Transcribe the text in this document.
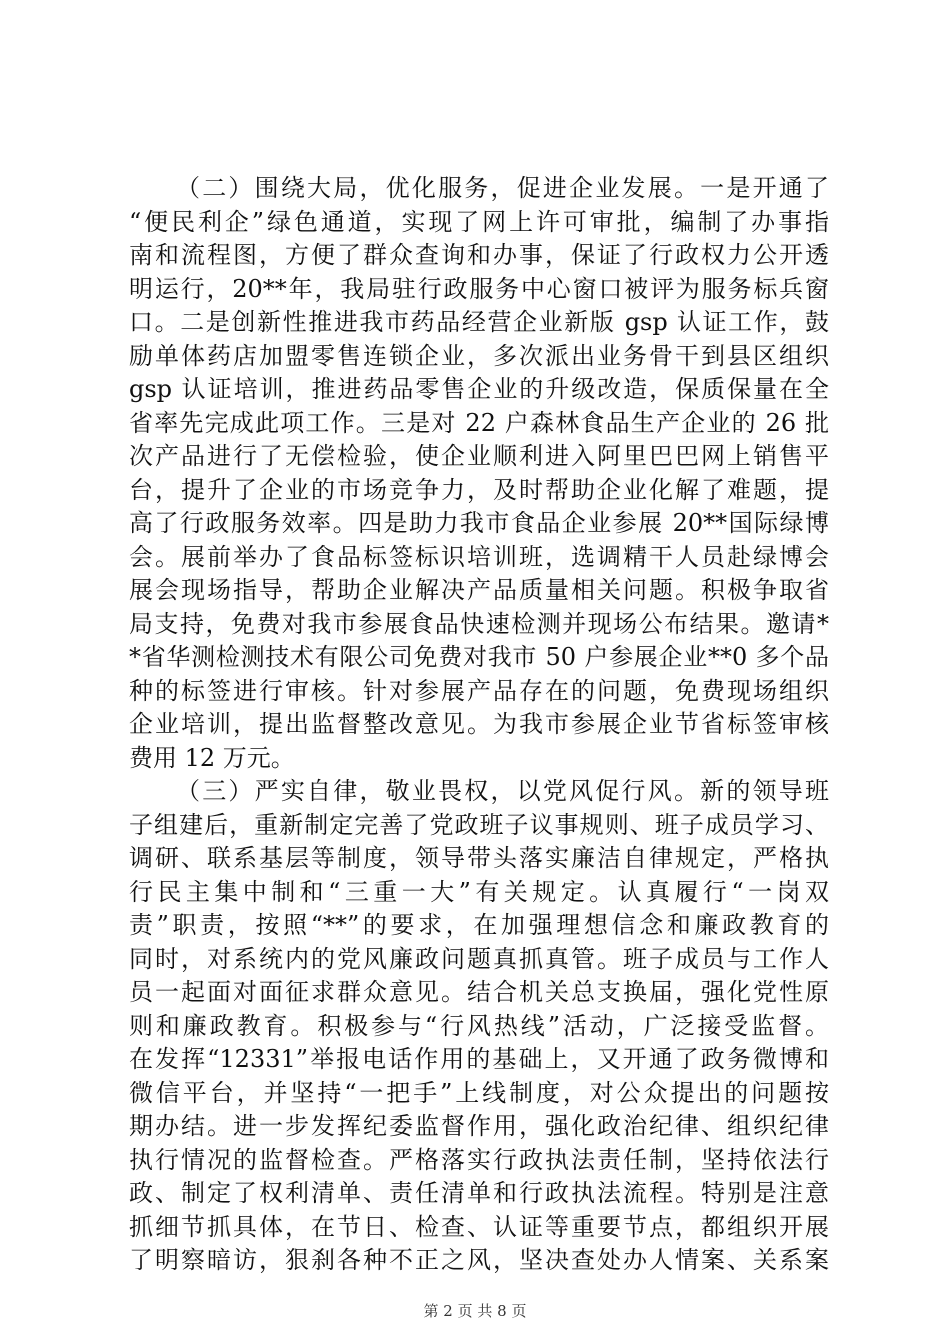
（二）围绕大局，优化服务，促进企业发展。一是开通了
“便民利企”绿色通道，实现了网上许可审批，编制了办事指
南和流程图，方便了群众查询和办事，保证了行政权力公开透
明运行，20**年，我局驻行政服务中心窗口被评为服务标兵窗
口。二是创新性推进我市药品经营企业新版 gsp 认证工作，鼓
励单体药店加盟零售连锁企业，多次派出业务骨干到县区组织
gsp 认证培训，推进药品零售企业的升级改造，保质保量在全
省率先完成此项工作。三是对 22 户森林食品生产企业的 26 批
次产品进行了无偿检验，使企业顺利进入阿里巴巴网上销售平
台，提升了企业的市场竞争力，及时帮助企业化解了难题，提
高了行政服务效率。四是助力我市食品企业参展 20**国际绿博
会。展前举办了食品标签标识培训班，选调精干人员赴绿博会
展会现场指导，帮助企业解决产品质量相关问题。积极争取省
局支持，免费对我市参展食品快速检测并现场公布结果。邀请*
*省华测检测技术有限公司免费对我市 50 户参展企业**0 多个品
种的标签进行审核。针对参展产品存在的问题，免费现场组织
企业培训，提出监督整改意见。为我市参展企业节省标签审核
费用 12 万元。
（三）严实自律，敬业畏权，以党风促行风。新的领导班
子组建后，重新制定完善了党政班子议事规则、班子成员学习、
调研、联系基层等制度，领导带头落实廉洁自律规定，严格执
行民主集中制和“三重一大”有关规定。认真履行“一岗双
责”职责，按照“**”的要求，在加强理想信念和廉政教育的
同时，对系统内的党风廉政问题真抓真管。班子成员与工作人
员一起面对面征求群众意见。结合机关总支换届，强化党性原
则和廉政教育。积极参与“行风热线”活动，广泛接受监督。
在发挥“12331”举报电话作用的基础上，又开通了政务微博和
微信平台，并坚持“一把手”上线制度，对公众提出的问题按
期办结。进一步发挥纪委监督作用，强化政治纪律、组织纪律
执行情况的监督检查。严格落实行政执法责任制，坚持依法行
政、制定了权利清单、责任清单和行政执法流程。特别是注意
抓细节抓具体，在节日、检查、认证等重要节点，都组织开展
了明察暗访，狠刹各种不正之风，坚决查处办人情案、关系案
第 2 页 共 8 页
